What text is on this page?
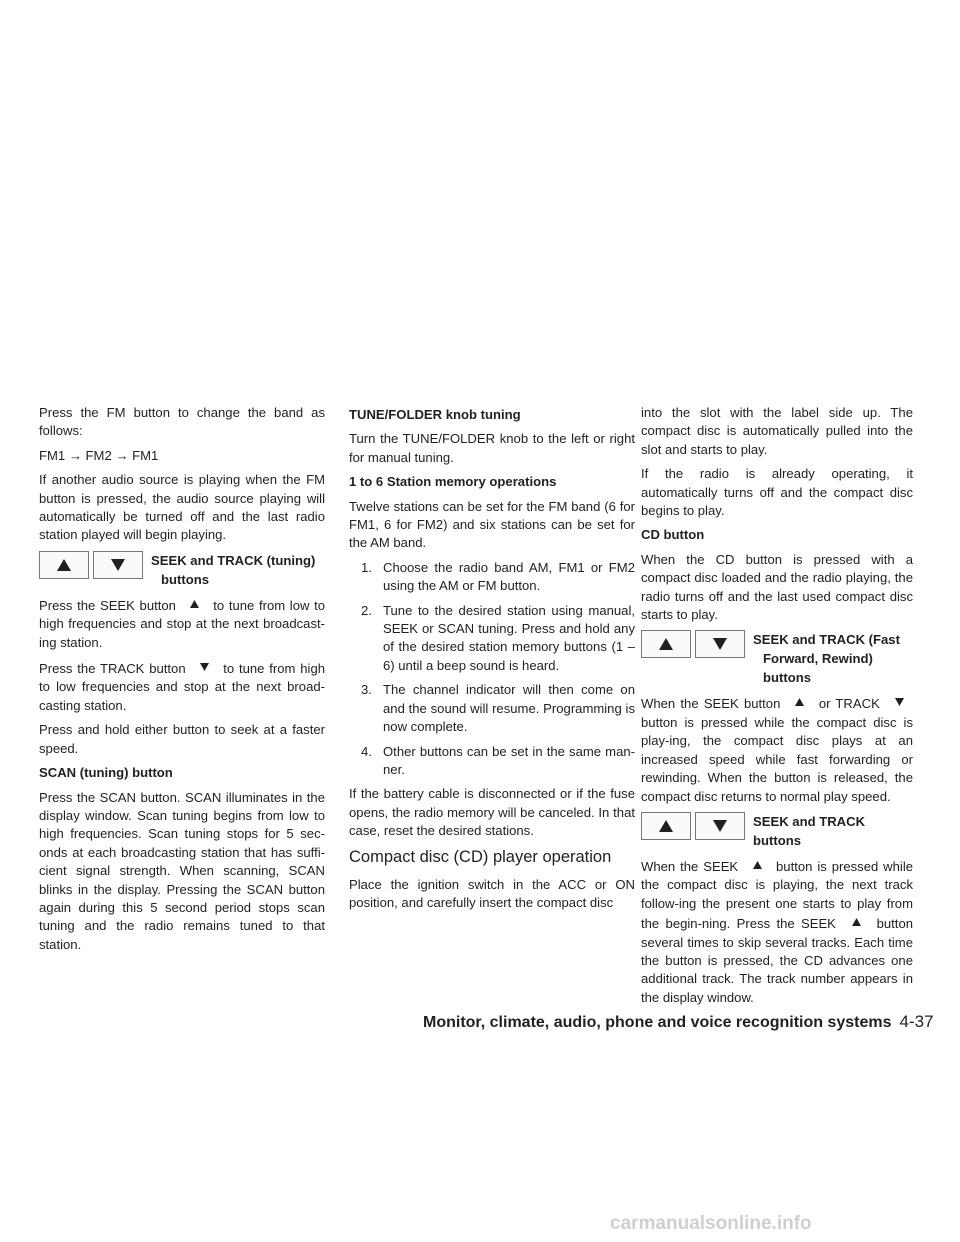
Press the FM button to change the band as follows:

FM1 → FM2 → FM1

If another audio source is playing when the FM button is pressed, the audio source playing will automatically be turned off and the last radio station played will begin playing.

SEEK and TRACK (tuning)
buttons

Press the SEEK button	to tune from low to high frequencies and stop at the next broadcast-ing station.

Press the TRACK button	to tune from high to low frequencies and stop at the next broad-casting station.

Press and hold either button to seek at a faster speed.

SCAN (tuning) button

Press the SCAN button. SCAN illuminates in the display window. Scan tuning begins from low to high frequencies. Scan tuning stops for 5 sec-onds at each broadcasting station that has suffi-cient signal strength. When scanning, SCAN blinks in the display. Pressing the SCAN button again during this 5 second period stops scan tuning and the radio remains tuned to that station.

TUNE/FOLDER knob tuning

Turn the TUNE/FOLDER knob to the left or right for manual tuning.

1 to 6 Station memory operations

Twelve stations can be set for the FM band (6 for FM1, 6 for FM2) and six stations can be set for the AM band.

1. Choose the radio band AM, FM1 or FM2 using the AM or FM button.
2. Tune to the desired station using manual, SEEK or SCAN tuning. Press and hold any of the desired station memory buttons (1 – 6) until a beep sound is heard.
3. The channel indicator will then come on and the sound will resume. Programming is now complete.
4. Other buttons can be set in the same man-ner.

If the battery cable is disconnected or if the fuse opens, the radio memory will be canceled. In that case, reset the desired stations.

Compact disc (CD) player operation

Place the ignition switch in the ACC or ON position, and carefully insert the compact disc

into the slot with the label side up. The compact disc is automatically pulled into the slot and starts to play.

If the radio is already operating, it automatically turns off and the compact disc begins to play.

CD button

When the CD button is pressed with a compact disc loaded and the radio playing, the radio turns off and the last used compact disc starts to play.

SEEK and TRACK (Fast
Forward, Rewind) buttons

When the SEEK button	or TRACK  button is pressed while the compact disc is play-ing, the compact disc plays at an increased speed while fast forwarding or rewinding. When the button is released, the compact disc returns to normal play speed.

SEEK and TRACK buttons

When the SEEK	button is pressed while the compact disc is playing, the next track follow-ing the present one starts to play from the begin-ning. Press the SEEK	button several times to skip several tracks. Each time the button is pressed, the CD advances one additional track. The track number appears in the display window.

Monitor, climate, audio, phone and voice recognition systems 4-37
carmanualsonline.info
